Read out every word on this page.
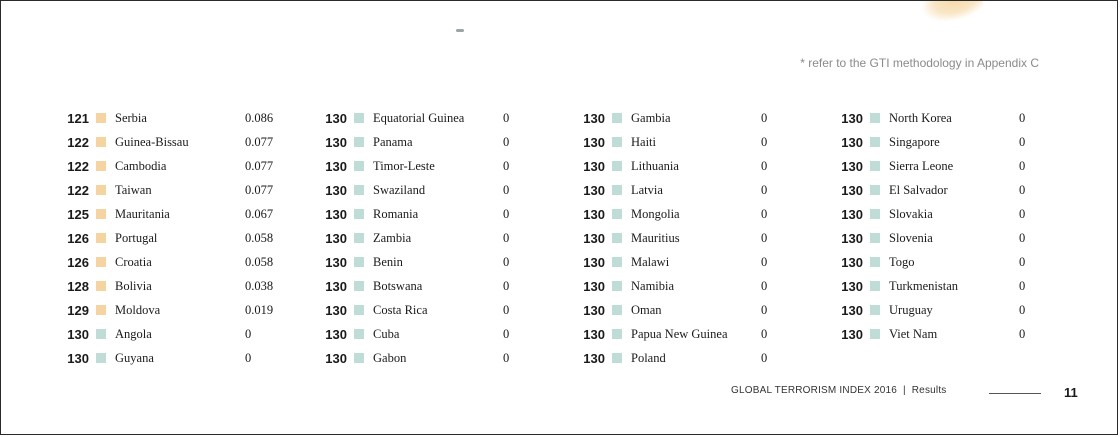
* refer to the GTI methodology in Appendix C
121 Serbia	0.086
122 Guinea-Bissau	0.077
122 Cambodia	0.077
122 Taiwan	0.077
125 Mauritania	0.067
126 Portugal	0.058
126 Croatia	0.058
128 Bolivia	0.038
129 Moldova	0.019
130 Angola	0
130 Guyana	0
130 Equatorial Guinea	0
130 Panama	0
130 Timor-Leste	0
130 Swaziland	0
130 Romania	0
130 Zambia	0
130 Benin	0
130 Botswana	0
130 Costa Rica	0
130 Cuba	0
130 Gabon	0
130 Gambia	0
130 Haiti	0
130 Lithuania	0
130 Latvia	0
130 Mongolia	0
130 Mauritius	0
130 Malawi	0
130 Namibia	0
130 Oman	0
130 Papua New Guinea	0
130 Poland	0
130 North Korea	0
130 Singapore	0
130 Sierra Leone	0
130 El Salvador	0
130 Slovakia	0
130 Slovenia	0
130 Togo	0
130 Turkmenistan	0
130 Uruguay	0
130 Viet Nam	0
GLOBAL TERRORISM INDEX 2016 | Results	11
